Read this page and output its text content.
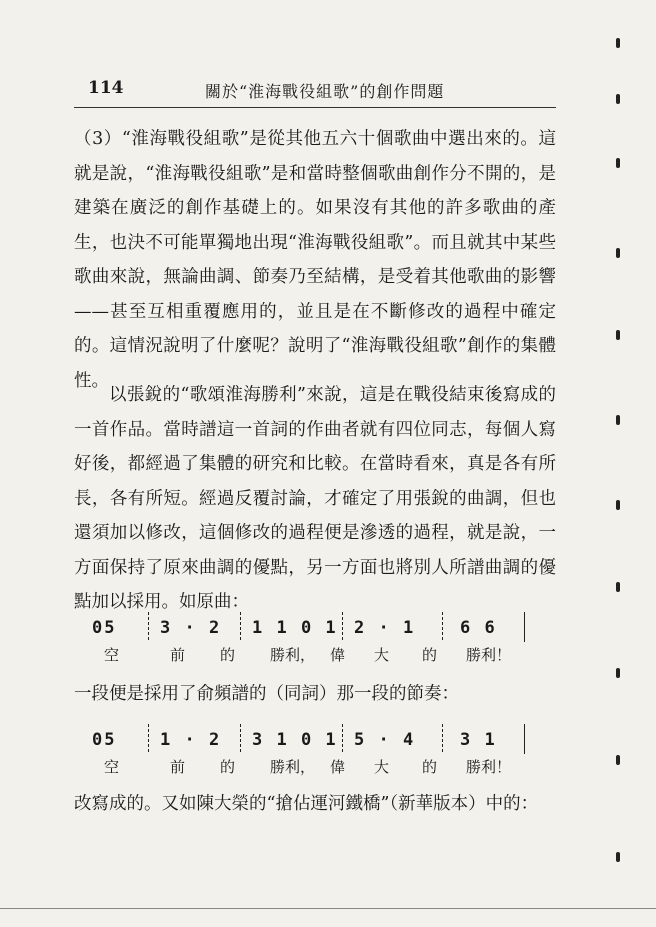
114	關於“淮海戰役組歌”的創作問題

（3）“淮海戰役組歌”是從其他五六十個歌曲中選出來的。這就是說，“淮海戰役組歌”是和當時整個歌曲創作分不開的，是建築在廣泛的創作基礎上的。如果沒有其他的許多歌曲的產生，也決不可能單獨地出現“淮海戰役組歌”。而且就其中某些歌曲來說，無論曲調、節奏乃至結構，是受着其他歌曲的影響——甚至互相重覆應用的，並且是在不斷修改的過程中確定的。這情況說明了什麼呢？說明了“淮海戰役組歌”創作的集體性。

以張銳的“歌頌淮海勝利”來說，這是在戰役結束後寫成的一首作品。當時譜這一首詞的作曲者就有四位同志，每個人寫好後，都經過了集體的研究和比較。在當時看來，真是各有所長，各有所短。經過反覆討論，才確定了用張銳的曲調，但也還須加以修改，這個修改的過程便是滲透的過程，就是說，一方面保持了原來曲調的優點，另一方面也將別人所譜曲調的優點加以採用。如原曲：

05	3 · 2 1 1 0 1 2 · 1	6 6
空	前 的 勝利， 偉 大 的 勝利！
一段便是採用了俞頻譜的（同詞）那一段的節奏：
05	1 · 2 3 1 0 1 5 · 4	3 1
空	前 的 勝利， 偉 大 的 勝利！
改寫成的。又如陳大榮的“搶佔運河鐵橋”（新華版本）中的：
